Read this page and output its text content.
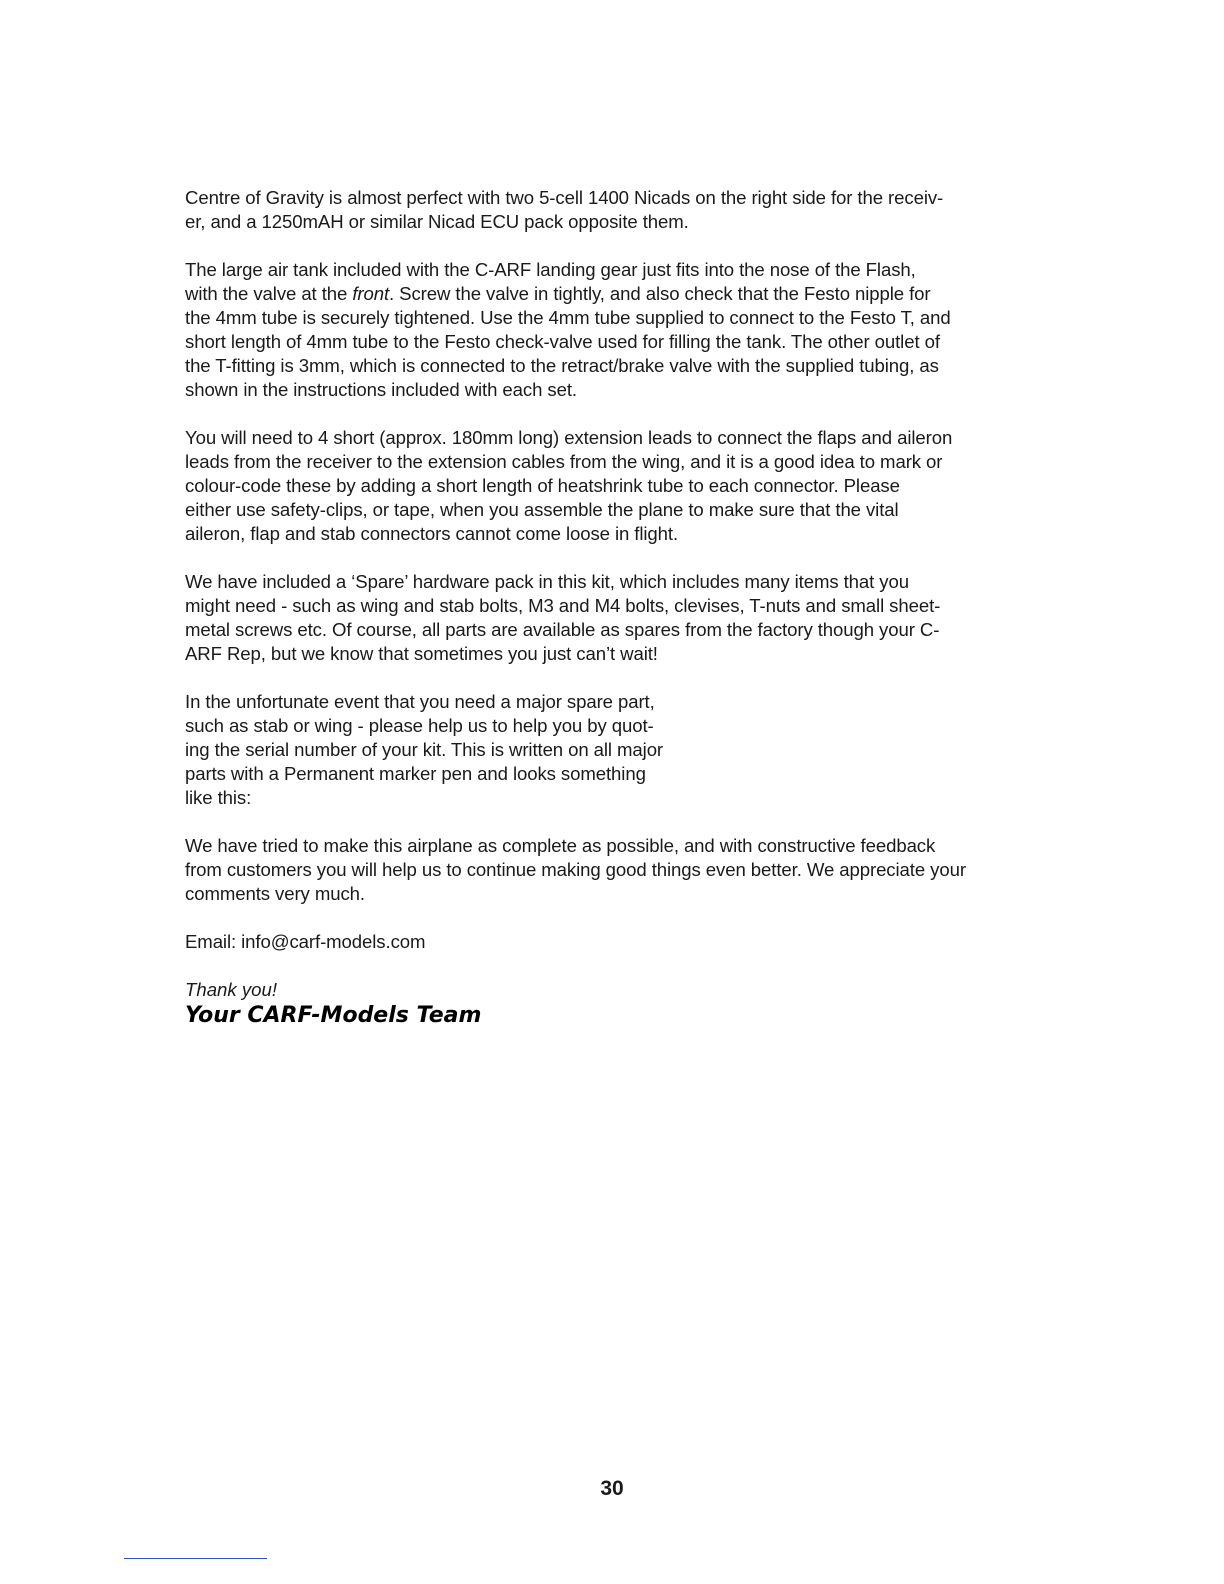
Centre of Gravity is almost perfect with two 5-cell 1400 Nicads on the right side for the receiv-
er, and a 1250mAH or similar Nicad ECU pack opposite them.

The large air tank included with the C-ARF landing gear just fits into the nose of the Flash,
with the valve at the front. Screw the valve in tightly, and also check that the Festo nipple for
the 4mm tube is securely tightened. Use the 4mm tube supplied to connect to the Festo T, and
short length of 4mm tube to the Festo check-valve used for filling the tank. The other outlet of
the T-fitting is 3mm, which is connected to the retract/brake valve with the supplied tubing, as
shown in the instructions included with each set.

You will need to 4 short (approx. 180mm long) extension leads to connect the flaps and aileron
leads from the receiver to the extension cables from the wing, and it is a good idea to mark or
colour-code these by adding a short length of heatshrink tube to each connector. Please
either use safety-clips, or tape, when you assemble the plane to make sure that the vital
aileron, flap and stab connectors cannot come loose in flight.

We have included a ‘Spare’ hardware pack in this kit, which includes many items that you
might need - such as wing and stab bolts, M3 and M4 bolts, clevises, T-nuts and small sheet-
metal screws etc. Of course, all parts are available as spares from the factory though your C-
ARF Rep, but we know that sometimes you just can’t wait!

In the unfortunate event that you need a major spare part,
such as stab or wing - please help us to help you by quot-
ing the serial number of your kit. This is written on all major
parts with a Permanent marker pen and looks something
like this:

We have tried to make this airplane as complete as possible, and with constructive feedback
from customers you will help us to continue making good things even better. We appreciate your
comments very much.

Email: info@carf-models.com

Thank you!

Your CARF-Models Team

30
